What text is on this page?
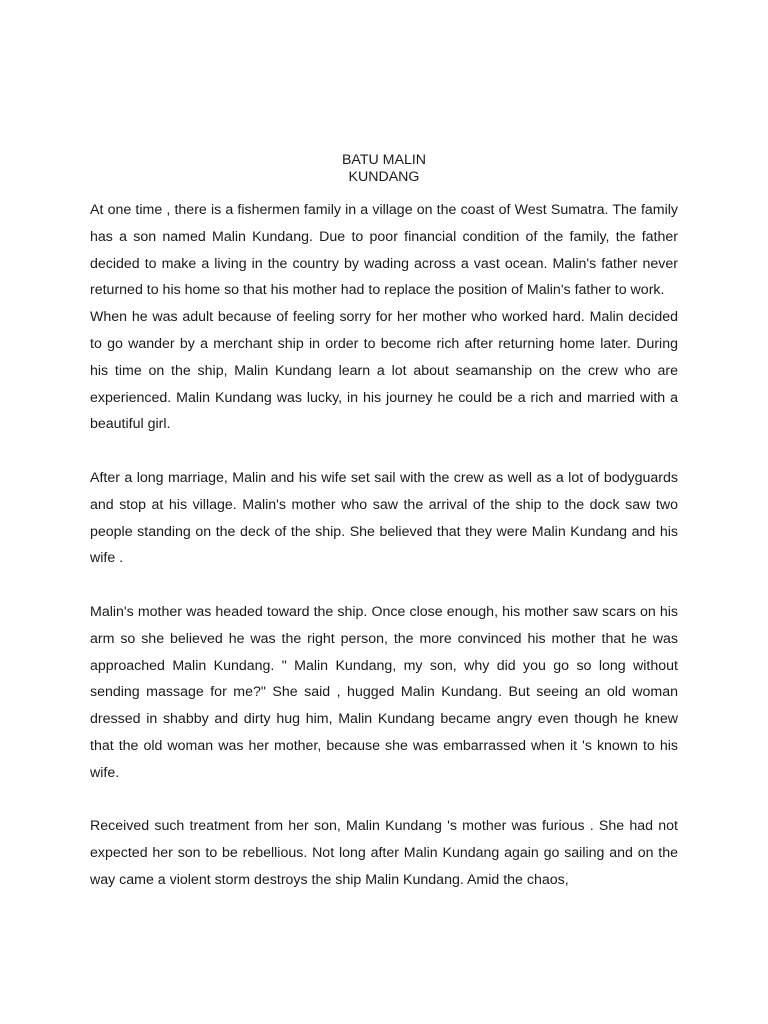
BATU MALIN
KUNDANG

At one time , there is a fishermen family in a village on the coast of West Sumatra. The family has a son named Malin Kundang. Due to poor financial condition of the family, the father decided to make a living in the country by wading across a vast ocean. Malin's father never returned to his home so that his mother had to replace the position of Malin's father to work.

When he was adult because of feeling sorry for her mother who worked hard. Malin decided to go wander by a merchant ship in order to become rich after returning home later. During his time on the ship, Malin Kundang learn a lot about seamanship on the crew who are experienced. Malin Kundang was lucky, in his journey he could be a rich and married with a beautiful girl.

After a long marriage, Malin and his wife set sail with the crew as well as a lot of bodyguards and stop at his village. Malin's mother who saw the arrival of the ship to the dock saw two people standing on the deck of the ship. She believed that they were Malin Kundang and his wife .

Malin's mother was headed toward the ship. Once close enough, his mother saw scars on his arm so she believed he was the right person, the more convinced his mother that he was approached Malin Kundang. " Malin Kundang, my son, why did you go so long without sending massage for me?" She said , hugged Malin Kundang. But seeing an old woman dressed in shabby and dirty hug him, Malin Kundang became angry even though he knew that the old woman was her mother, because she was embarrassed when it 's known to his wife.

Received such treatment from her son, Malin Kundang 's mother was furious . She had not expected her son to be rebellious. Not long after Malin Kundang again go sailing and on the way came a violent storm destroys the ship Malin Kundang. Amid the chaos,
